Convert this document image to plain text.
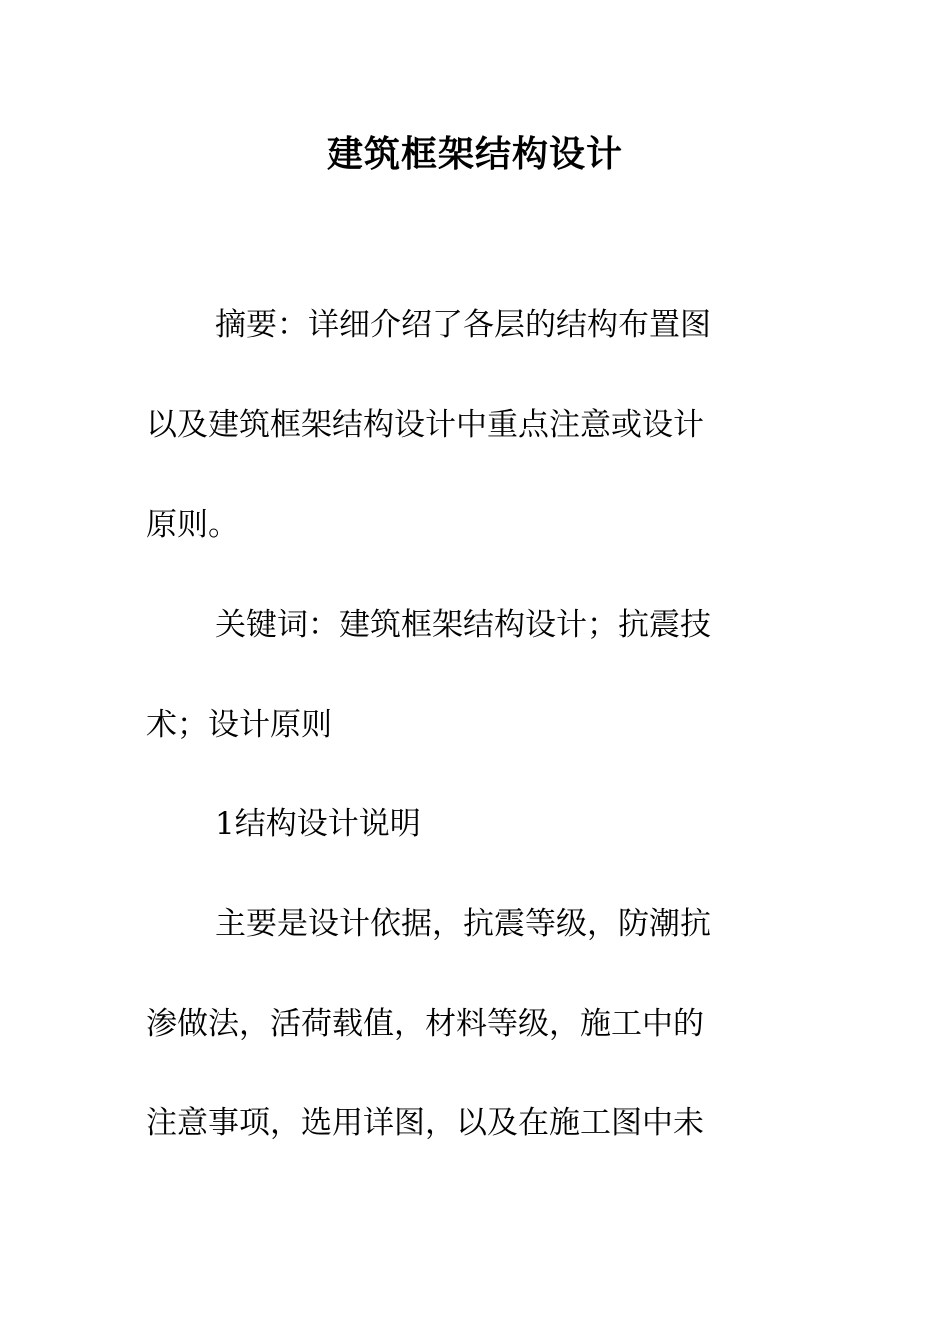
建筑框架结构设计

摘要：详细介绍了各层的结构布置图

以及建筑框架结构设计中重点注意或设计

原则。

关键词：建筑框架结构设计；抗震技

术；设计原则

1结构设计说明

主要是设计依据，抗震等级，防潮抗

渗做法，活荷载值，材料等级，施工中的

注意事项，选用详图，以及在施工图中未
